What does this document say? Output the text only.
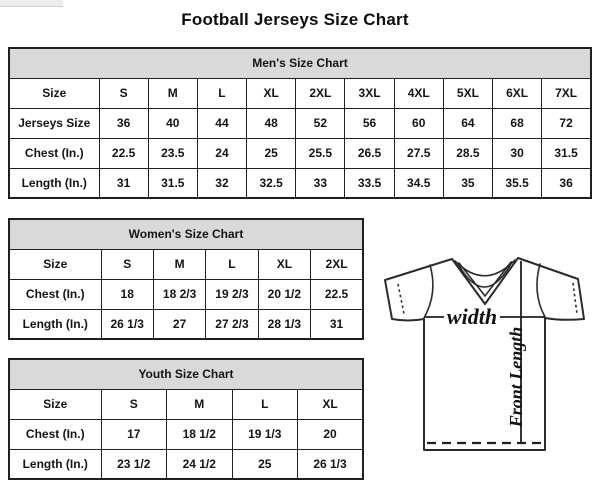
Football Jerseys Size Chart
Men's Size Chart										
Size	S	M	L	XL	2XL	3XL	4XL	5XL	6XL	7XL
Jerseys Size	36	40	44	48	52	56	60	64	68	72
Chest (In.)	22.5	23.5	24	25	25.5	26.5	27.5	28.5	30	31.5
Length (In.)	31	31.5	32	32.5	33	33.5	34.5	35	35.5	36
Women's Size Chart					
Size	S	M	L	XL	2XL
Chest (In.)	18	18 2/3	19 2/3	20 1/2	22.5
Length (In.)	26 1/3	27	27 2/3	28 1/3	31
Youth Size Chart				
Size	S	M	L	XL
Chest (In.)	17	18 1/2	19 1/3	20
Length (In.)	23 1/2	24 1/2	25	26 1/3
width
Front Length
